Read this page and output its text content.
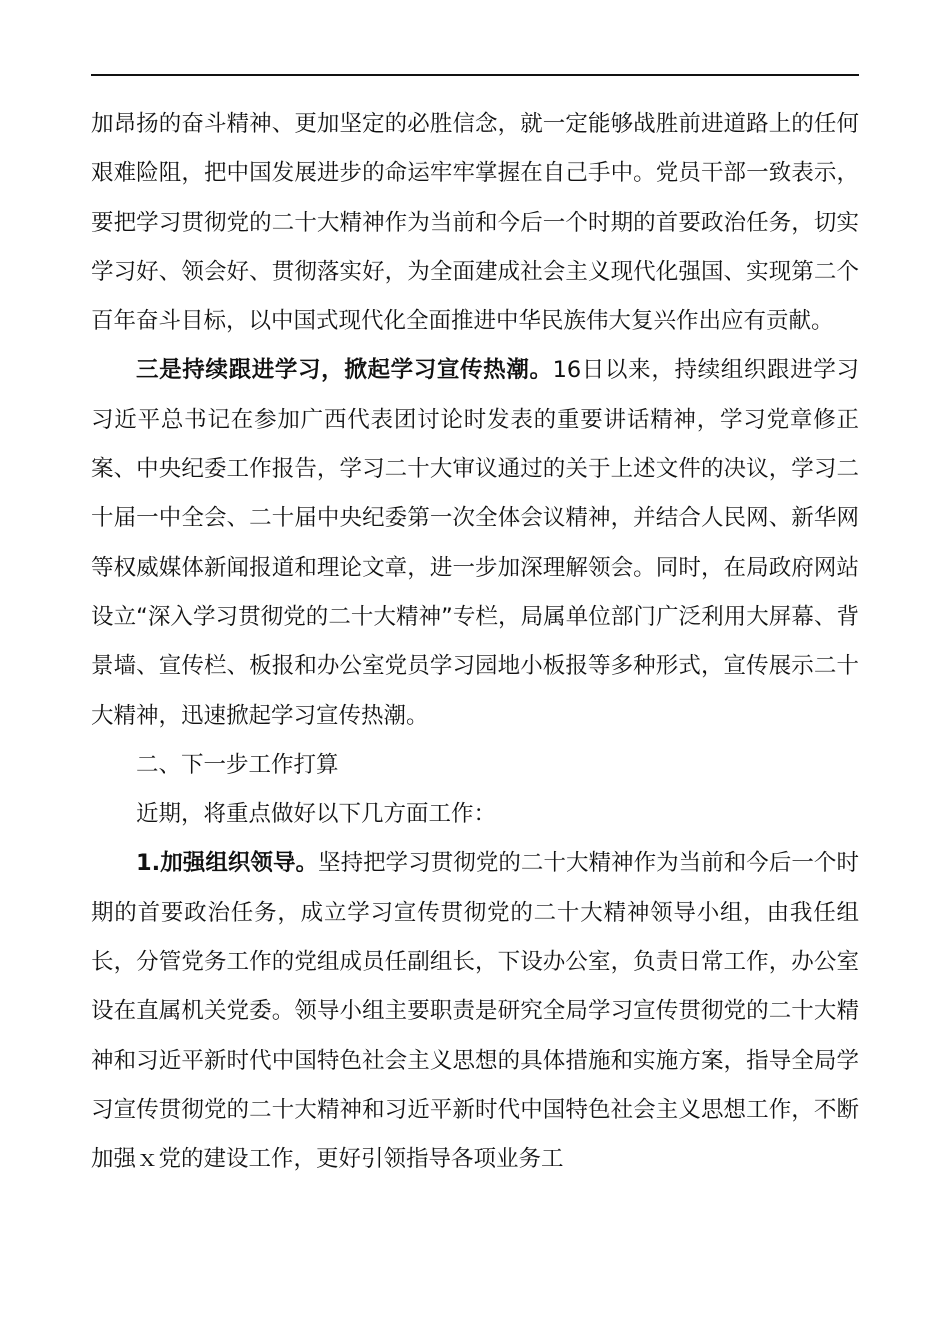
加昂扬的奋斗精神、更加坚定的必胜信念，就一定能够战胜前进道路上的任何艰难险阻，把中国发展进步的命运牢牢掌握在自己手中。党员干部一致表示，要把学习贯彻党的二十大精神作为当前和今后一个时期的首要政治任务，切实学习好、领会好、贯彻落实好，为全面建成社会主义现代化强国、实现第二个百年奋斗目标，以中国式现代化全面推进中华民族伟大复兴作出应有贡献。

三是持续跟进学习，掀起学习宣传热潮。16日以来，持续组织跟进学习习近平总书记在参加广西代表团讨论时发表的重要讲话精神，学习党章修正案、中央纪委工作报告，学习二十大审议通过的关于上述文件的决议，学习二十届一中全会、二十届中央纪委第一次全体会议精神，并结合人民网、新华网等权威媒体新闻报道和理论文章，进一步加深理解领会。同时，在局政府网站设立“深入学习贯彻党的二十大精神”专栏，局属单位部门广泛利用大屏幕、背景墙、宣传栏、板报和办公室党员学习园地小板报等多种形式，宣传展示二十大精神，迅速掀起学习宣传热潮。

二、下一步工作打算

近期，将重点做好以下几方面工作：

1.加强组织领导。坚持把学习贯彻党的二十大精神作为当前和今后一个时期的首要政治任务，成立学习宣传贯彻党的二十大精神领导小组，由我任组长，分管党务工作的党组成员任副组长，下设办公室，负责日常工作，办公室设在直属机关党委。领导小组主要职责是研究全局学习宣传贯彻党的二十大精神和习近平新时代中国特色社会主义思想的具体措施和实施方案，指导全局学习宣传贯彻党的二十大精神和习近平新时代中国特色社会主义思想工作，不断加强ｘ党的建设工作，更好引领指导各项业务工
